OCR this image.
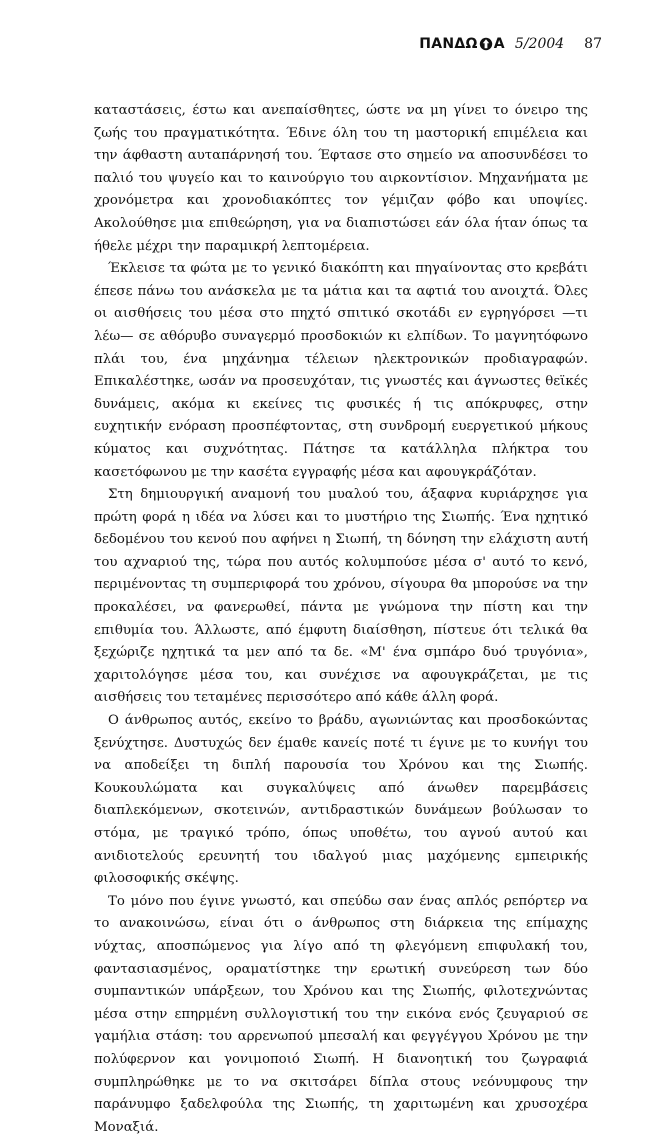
ΠΑΝΔΩ Α 5/2004 87

καταστάσεις, έστω και ανεπαίσθητες, ώστε να μη γίνει το όνειρο της ζωής του πραγματικότητα. Έδινε όλη του τη μαστορική επιμέλεια και την άφθαστη αυταπάρνησή του. Έφτασε στο σημείο να αποσυνδέσει το παλιό του ψυγείο και το καινούργιο του αιρκοντίσιον. Μηχανήματα με χρονόμετρα και χρονοδιακόπτες τον γέμιζαν φόβο και υποψίες. Ακολούθησε μια επιθεώρηση, για να διαπιστώσει εάν όλα ήταν όπως τα ήθελε μέχρι την παραμικρή λεπτομέρεια.

Έκλεισε τα φώτα με το γενικό διακόπτη και πηγαίνοντας στο κρεβάτι έπεσε πάνω του ανάσκελα με τα μάτια και τα αφτιά του ανοιχτά. Όλες οι αισθήσεις του μέσα στο πηχτό σπιτικό σκοτάδι εν εγρηγόρσει —τι λέω— σε αθόρυβο συναγερμό προσδοκιών κι ελπίδων. Το μαγνητόφωνο πλάι του, ένα μηχάνημα τέλειων ηλεκτρονικών προδιαγραφών. Επικαλέστηκε, ωσάν να προσευχόταν, τις γνωστές και άγνωστες θεϊκές δυνάμεις, ακόμα κι εκείνες τις φυσικές ή τις απόκρυφες, στην ευχητικήν ενόραση προσπέφτοντας, στη συνδρομή ευεργετικού μήκους κύματος και συχνότητας. Πάτησε τα κατάλληλα πλήκτρα του κασετόφωνου με την κασέτα εγγραφής μέσα και αφουγκράζόταν.

Στη δημιουργική αναμονή του μυαλού του, άξαφνα κυριάρχησε για πρώτη φορά η ιδέα να λύσει και το μυστήριο της Σιωπής. Ένα ηχητικό δεδομένου του κενού που αφήνει η Σιωπή, τη δόνηση την ελάχιστη αυτή του αχναριού της, τώρα που αυτός κολυμπούσε μέσα σ' αυτό το κενό, περιμένοντας τη συμπεριφορά του χρόνου, σίγουρα θα μπορούσε να την προκαλέσει, να φανερωθεί, πάντα με γνώμονα την πίστη και την επιθυμία του. Άλλωστε, από έμφυτη διαίσθηση, πίστευε ότι τελικά θα ξεχώριζε ηχητικά τα μεν από τα δε. «Μ' ένα σμπάρο δυό τρυγόνια», χαριτολόγησε μέσα του, και συνέχισε να αφουγκράζεται, με τις αισθήσεις του τεταμένες περισσότερο από κάθε άλλη φορά.

Ο άνθρωπος αυτός, εκείνο το βράδυ, αγωνιώντας και προσδοκώντας ξενύχτησε. Δυστυχώς δεν έμαθε κανείς ποτέ τι έγινε με το κυνήγι του να αποδείξει τη διπλή παρουσία του Χρόνου και της Σιωπής. Κουκουλώματα και συγκαλύψεις από άνωθεν παρεμβάσεις διαπλεκόμενων, σκοτεινών, αντιδραστικών δυνάμεων βούλωσαν το στόμα, με τραγικό τρόπο, όπως υποθέτω, του αγνού αυτού και ανιδιοτελούς ερευνητή του ιδαλγού μιας μαχόμενης εμπειρικής φιλοσοφικής σκέψης.

Το μόνο που έγινε γνωστό, και σπεύδω σαν ένας απλός ρεπόρτερ να το ανακοινώσω, είναι ότι ο άνθρωπος στη διάρκεια της επίμαχης νύχτας, αποσπώμενος για λίγο από τη φλεγόμενη επιφυλακή του, φαντασιασμένος, οραματίστηκε την ερωτική συνεύρεση των δύο συμπαντικών υπάρξεων, του Χρόνου και της Σιωπής, φιλοτεχνώντας μέσα στην επηρμένη συλλογιστική του την εικόνα ενός ζευγαριού σε γαμήλια στάση: του αρρενωπού μπεσαλή και φεγγέγγου Χρόνου με την πολύφερνον και γονιμοποιό Σιωπή. Η διανοητική του ζωγραφιά συμπληρώθηκε με το να σκιτσάρει δίπλα στους νεόνυμφους την παράνυμφο ξαδελφούλα της Σιωπής, τη χαριτωμένη και χρυσοχέρα Μοναξιά.
